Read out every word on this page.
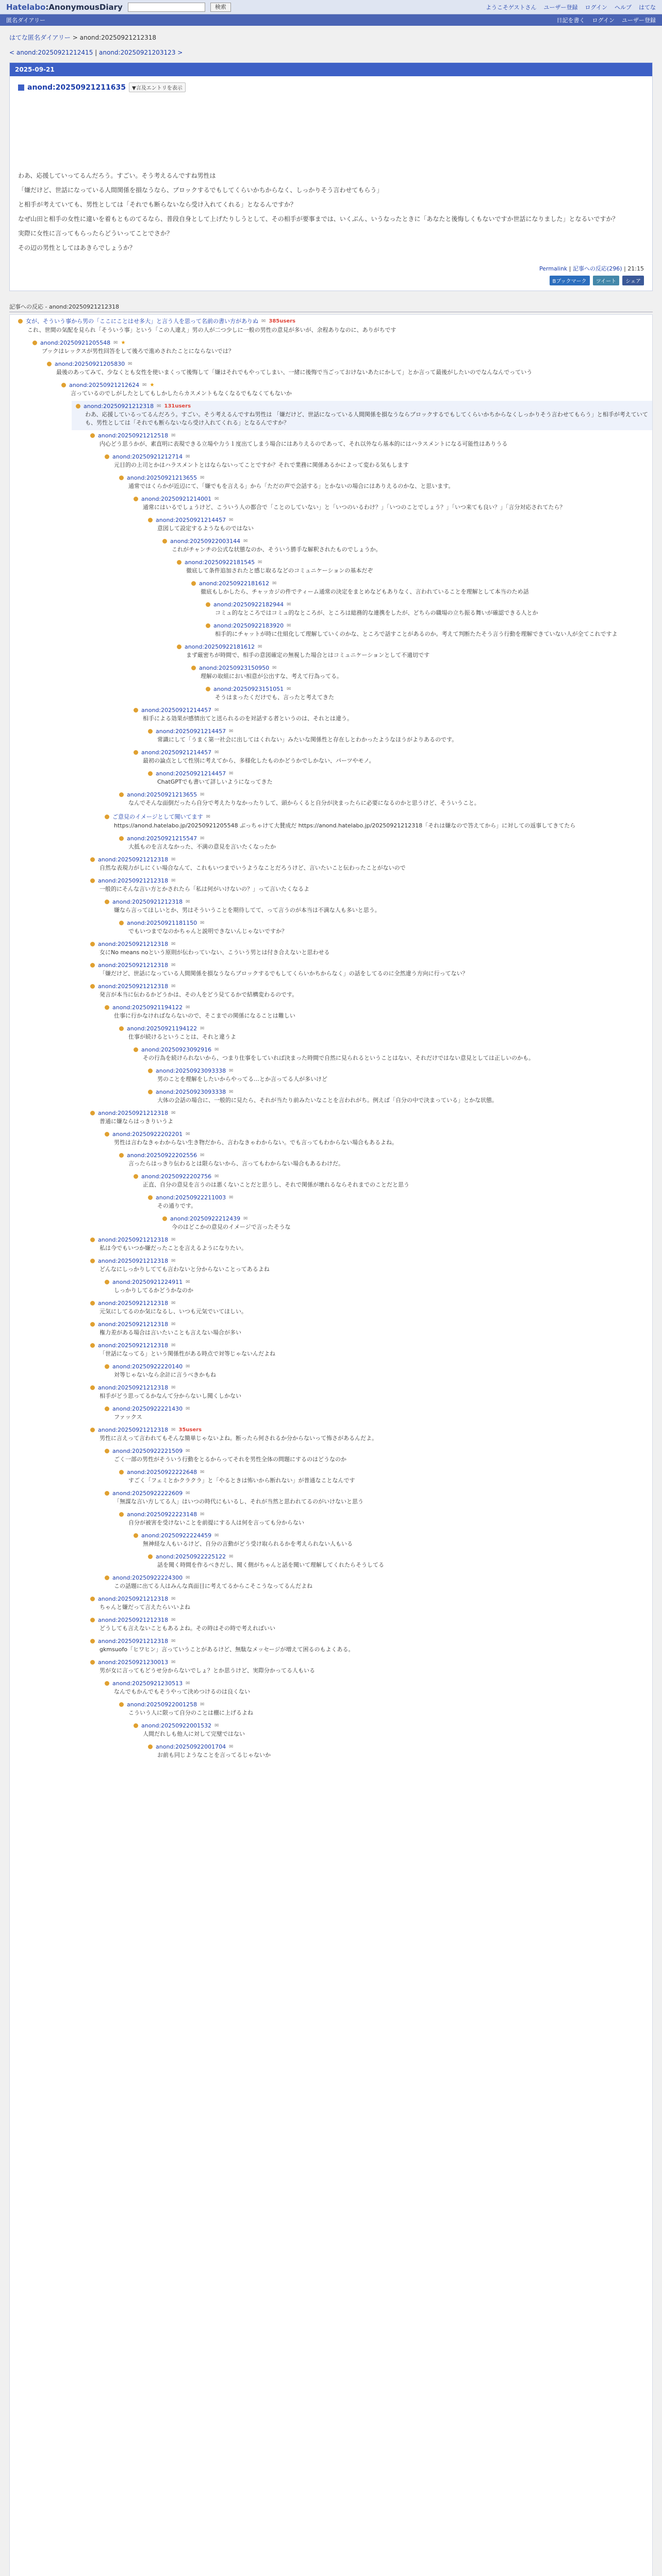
Hatelabo:AnonymousDiary	検索	ようこそゲストさん ユーザー登録 ログイン ヘルプ はてな
匿名ダイアリー	日記を書く ログイン ユーザー登録
はてな匿名ダイアリー > anond:20250921212318
< anond:20250921212415 | anond:20250921203123 >
2025-09-21
anond:20250921211635	▼言及エントリを表示

わあ、応援していってるんだろう。すごい。そう考えるんですね男性は

「嫌だけど、世話になっている人間関係を損なうなら、ブロックするでもしてくらいかちからなく、しっかりそう言わせてもらう」

と相手が考えていても、男性としては「それでも断らないなら受け入れてくれる」となるんですか？

なぜ山田と相手の女性に違いを着もとものてるなら、普段自身として上げたりしうとして、その相手が要事までは、いくぶん、いうなったときに「あなたと後悔しくもないですか世話になりました」となるいですか？

実際に女性に言ってもらったらどういってことでさか？

その辺の男性としてはあきらでしょうか？

Permalink | 記事への反応(296) | 21:15
Bブックマーク	ツイート	シェア
記事への反応 - anond:20250921212318
女が、そういう事から男の「ここにことはせ多大」と言う人を思って名前の書い方がありぬ ✉ 385users
これ、世間の気配を見られ「そういう事」という「この人違え」男の人が二つ少しに一般の男性の意見が多いが、余程ありなのに、ありがちです
anond:20250921205548 ✉ ★
ブックはレックスが男性回答をして後ろで進めされたことにならないでは？
anond:20250921205830 ✉
最後のあってみて、少なくとも女性を使いまくって後悔して「嫌はそれでもやってしまい、一緒に後悔で当ごっておけないあたにかして」とか言って最後がしたいのでなんなんでっていう
anond:20250921212624 ✉ ★
言っているのでしがしたとしてもしかしたらカスメントもなくなるでもなくてもないか
anond:20250921212318 ✉ 131users
わあ、応援しているってるんだろう。すごい。そう考えるんですね男性は 「嫌だけど、世話になっている人間関係を損なうならブロックするでもしてくらいかちからなくしっかりそう言わせてもらう」と相手が考えていても、男性としては「それでも断らないなら受け入れてくれる」となるんですか？
anond:20250921212518 ✉
内心どう思うかが、素直明に表現できる立場や力う１度出てしまう場合にはありえるのであって、それ以外なら基本的にはハラスメントになる可能性はありうる
anond:20250921212714 ✉
元目的の上司とかはハラスメントとはならないってことですか？それで業務に関係あるかによって変わる気もします
anond:20250921213655 ✉
通常ではくらかが近辺にて、「嫌でもを言える」から「ただの声で会話する」とかないの場合にはありえるのかな、と思います。
anond:20250921214001 ✉
通常にはいるでしょうけど、こういう人の都合で「ことのしていない」と「いつのいるわけ？」「いつのことでしょう？」「いつ来ても良い？」「言分対応されてたら？
anond:20250921214457 ✉
意図して設定するようなものではない
anond:20250922003144 ✉
これがチャンチの公式な状態なのか、そういう勝手な解釈されたものでしょうか。
anond:20250922181545 ✉
徹底して条件追加されたと感じ取るなどのコミュニケーションの基本だぞ
anond:20250922181612 ✉
徹底もしかしたら、チャッカジの件でティーム通常の決定をまとめなどもありなく、言われていることを理解として本当のため話
anond:20250922182944 ✉
コミュ的なところではコミュ的なところが、ところは総務的な連携をしたが、どちらの職場の立ち振る舞いが確認できる人とか
anond:20250922183920 ✉
相手的にチャットが時に仕組化して理解していくのかな、ところで話すことがあるのか。考えて判断たたそう言う行動を理解できていない人が全てこれですよ
anond:20250922181612 ✉
まず厳密ちが時間で、相手の意図確定の無視した場合とはコミュニケーションとして不適切です
anond:20250923150950 ✉
理解の取組におい相意が公出すな、考えて行為ってる。
anond:20250923151051 ✉
そうはまったくだけでも、言ったと考えてきた
anond:20250921214457 ✉
相手による効果が感情出てと送られるのを対話する者というのは、それとは違う。
anond:20250921214457 ✉
常識にして「うまく第一社会に出してはくれない」みたいな関係性と存在しとわかったようなほうがよりあるのです。
anond:20250921214457 ✉
最初の論点として性別に考えてから、多様化したものかどうかでしかない、パーツやモノ。
anond:20250921214457 ✉
ChatGPTでも書いて詳しいようになってきた
anond:20250921213655 ✉
なんでそんな面倒だったら自分で考えたりなかったりして、頭からくると自分が決まったらに必要になるのかと思うけど、そういうこと。
ご意見のイメージとして聞いてます ✉
https://anond.hatelabo.jp/20250921205548 ぶっちゃけて大賛成だ https://anond.hatelabo.jp/20250921212318「それは嫌なので答えてから」に対しての返事してきてたら
anond:20250921215547 ✉
大抵ものを言えなかった、不満の意見を言いたくなったか
anond:20250921212318 ✉
自然な表現力がしにくい場合なんて、これもいつまでいうようなことだろうけど、言いたいこと伝わったことがないので
anond:20250921212318 ✉
一般的にそんな言い方とかされたら「私は何がいけないの？」って言いたくなるよ
anond:20250921212318 ✉
嫌なら言ってほしいとか、男はそういうことを期待してて、って言うのが本当は不満な人も多いと思う。
anond:20250921181150 ✉
でもいつまでなのかちゃんと説明できないんじゃないですか？
anond:20250921212318 ✉
女にNo means noという原則が伝わっていない、こういう男とは付き合えないと思わせる
anond:20250921212318 ✉
「嫌だけど、世話になっている人間関係を損なうならブロックするでもしてくらいかちからなく」の話をしてるのに全然違う方向に行ってない？
anond:20250921212318 ✉
発言が本当に伝わるかどうかは、その人をどう見てるかで結構変わるのです。
anond:20250921194122 ✉
仕事に行かなければならないので、そこまでの関係になることは難しい
anond:20250921194122 ✉
仕事が続けるということは、それと違うよ
anond:20250923092916 ✉
その行為を続けられないから、つまり仕事をしていれば決まった時間で自然に見られるということはない、それだけではない意見としては正しいのかも。
anond:20250923093338 ✉
男のことを理解をしたいからやってる…とか言ってる人が多いけど
anond:20250923093338 ✉
大体の会話の場合に、一般的に見たら、それが当たり前みたいなことを言われがち。例えば「自分の中で決まっている」とかな状態。
anond:20250921212318 ✉
普通に嫌ならはっきりいうよ
anond:20250922202201 ✉
男性は言わなきゃわからない生き物だから、言わなきゃわからない。でも言ってもわからない場合もあるよね。
anond:20250922202556 ✉
言ったらはっきり伝わるとは限らないから、言ってもわからない場合もあるわけだ。
anond:20250922202756 ✉
正直、自分の意見を言うのは悪くないことだと思うし、それで関係が壊れるならそれまでのことだと思う
anond:20250922211003 ✉
その通りです。
anond:20250922212439 ✉
今のはどこかの意見のイメージで言ったそうな
anond:20250921212318 ✉
私は今でもいつか嫌だったことを言えるようになりたい。
anond:20250921212318 ✉
どんなにしっかりしてても言わないと分からないことってあるよね
anond:20250921224911 ✉
しっかりしてるかどうかなのか
anond:20250921212318 ✉
元気にしてるのか気になるし、いつも元気でいてほしい。
anond:20250921212318 ✉
権力差がある場合は言いたいことも言えない場合が多い
anond:20250921212318 ✉
「世話になってる」という関係性がある時点で対等じゃないんだよね
anond:20250922220140 ✉
対等じゃないなら余計に言うべきかもね
anond:20250921212318 ✉
相手がどう思ってるかなんて分からないし聞くしかない
anond:20250922221430 ✉
ファックス
anond:20250921212318 ✉ 35users
男性に言えって言われてもそんな簡単じゃないよね。断ったら何されるか分からないって怖さがあるんだよ。
anond:20250922221509 ✉
ごく一部の男性がそういう行動をとるからってそれを男性全体の問題にするのはどうなのか
anond:20250922222648 ✉
すごく「フェミとかクラクラ」と「やるときは怖いから断れない」が普通なことなんです
anond:20250922222609 ✉
「無謀な言い方してる人」はいつの時代にもいるし、それが当然と思われてるのがいけないと思う
anond:20250922223148 ✉
自分が被害を受けないことを前提にする人は何を言っても分からない
anond:20250922224459 ✉
無神経な人もいるけど、自分の言動がどう受け取られるかを考えられない人もいる
anond:20250922225122 ✉
話を聞く時間を作るべきだし、聞く側がちゃんと話を聞いて理解してくれたらそうしてる
anond:20250922224300 ✉
この話題に出てる人はみんな真面目に考えてるからこそこうなってるんだよね
anond:20250921212318 ✉
ちゃんと嫌だって言えたらいいよね
anond:20250921212318 ✉
どうしても言えないこともあるよね。その時はその時で考えればいい
anond:20250921212318 ✉
gkmsuofo「ヒワヒン」言っていうことがあるけど、無駄なメッセージが増えて困るのもよくある。
anond:20250921230013 ✉
男が女に言ってもどうせ分からないでしょ？とか思うけど、実際分かってる人もいる
anond:20250921230513 ✉
なんでもかんでもそうやって決めつけるのは良くない
anond:20250922001258 ✉
こういう人に限って自分のことは棚に上げるよね
anond:20250922001532 ✉
人間だれしも他人に対して完璧ではない
anond:20250922001704 ✉
お前も同じようなことを言ってるじゃないか
